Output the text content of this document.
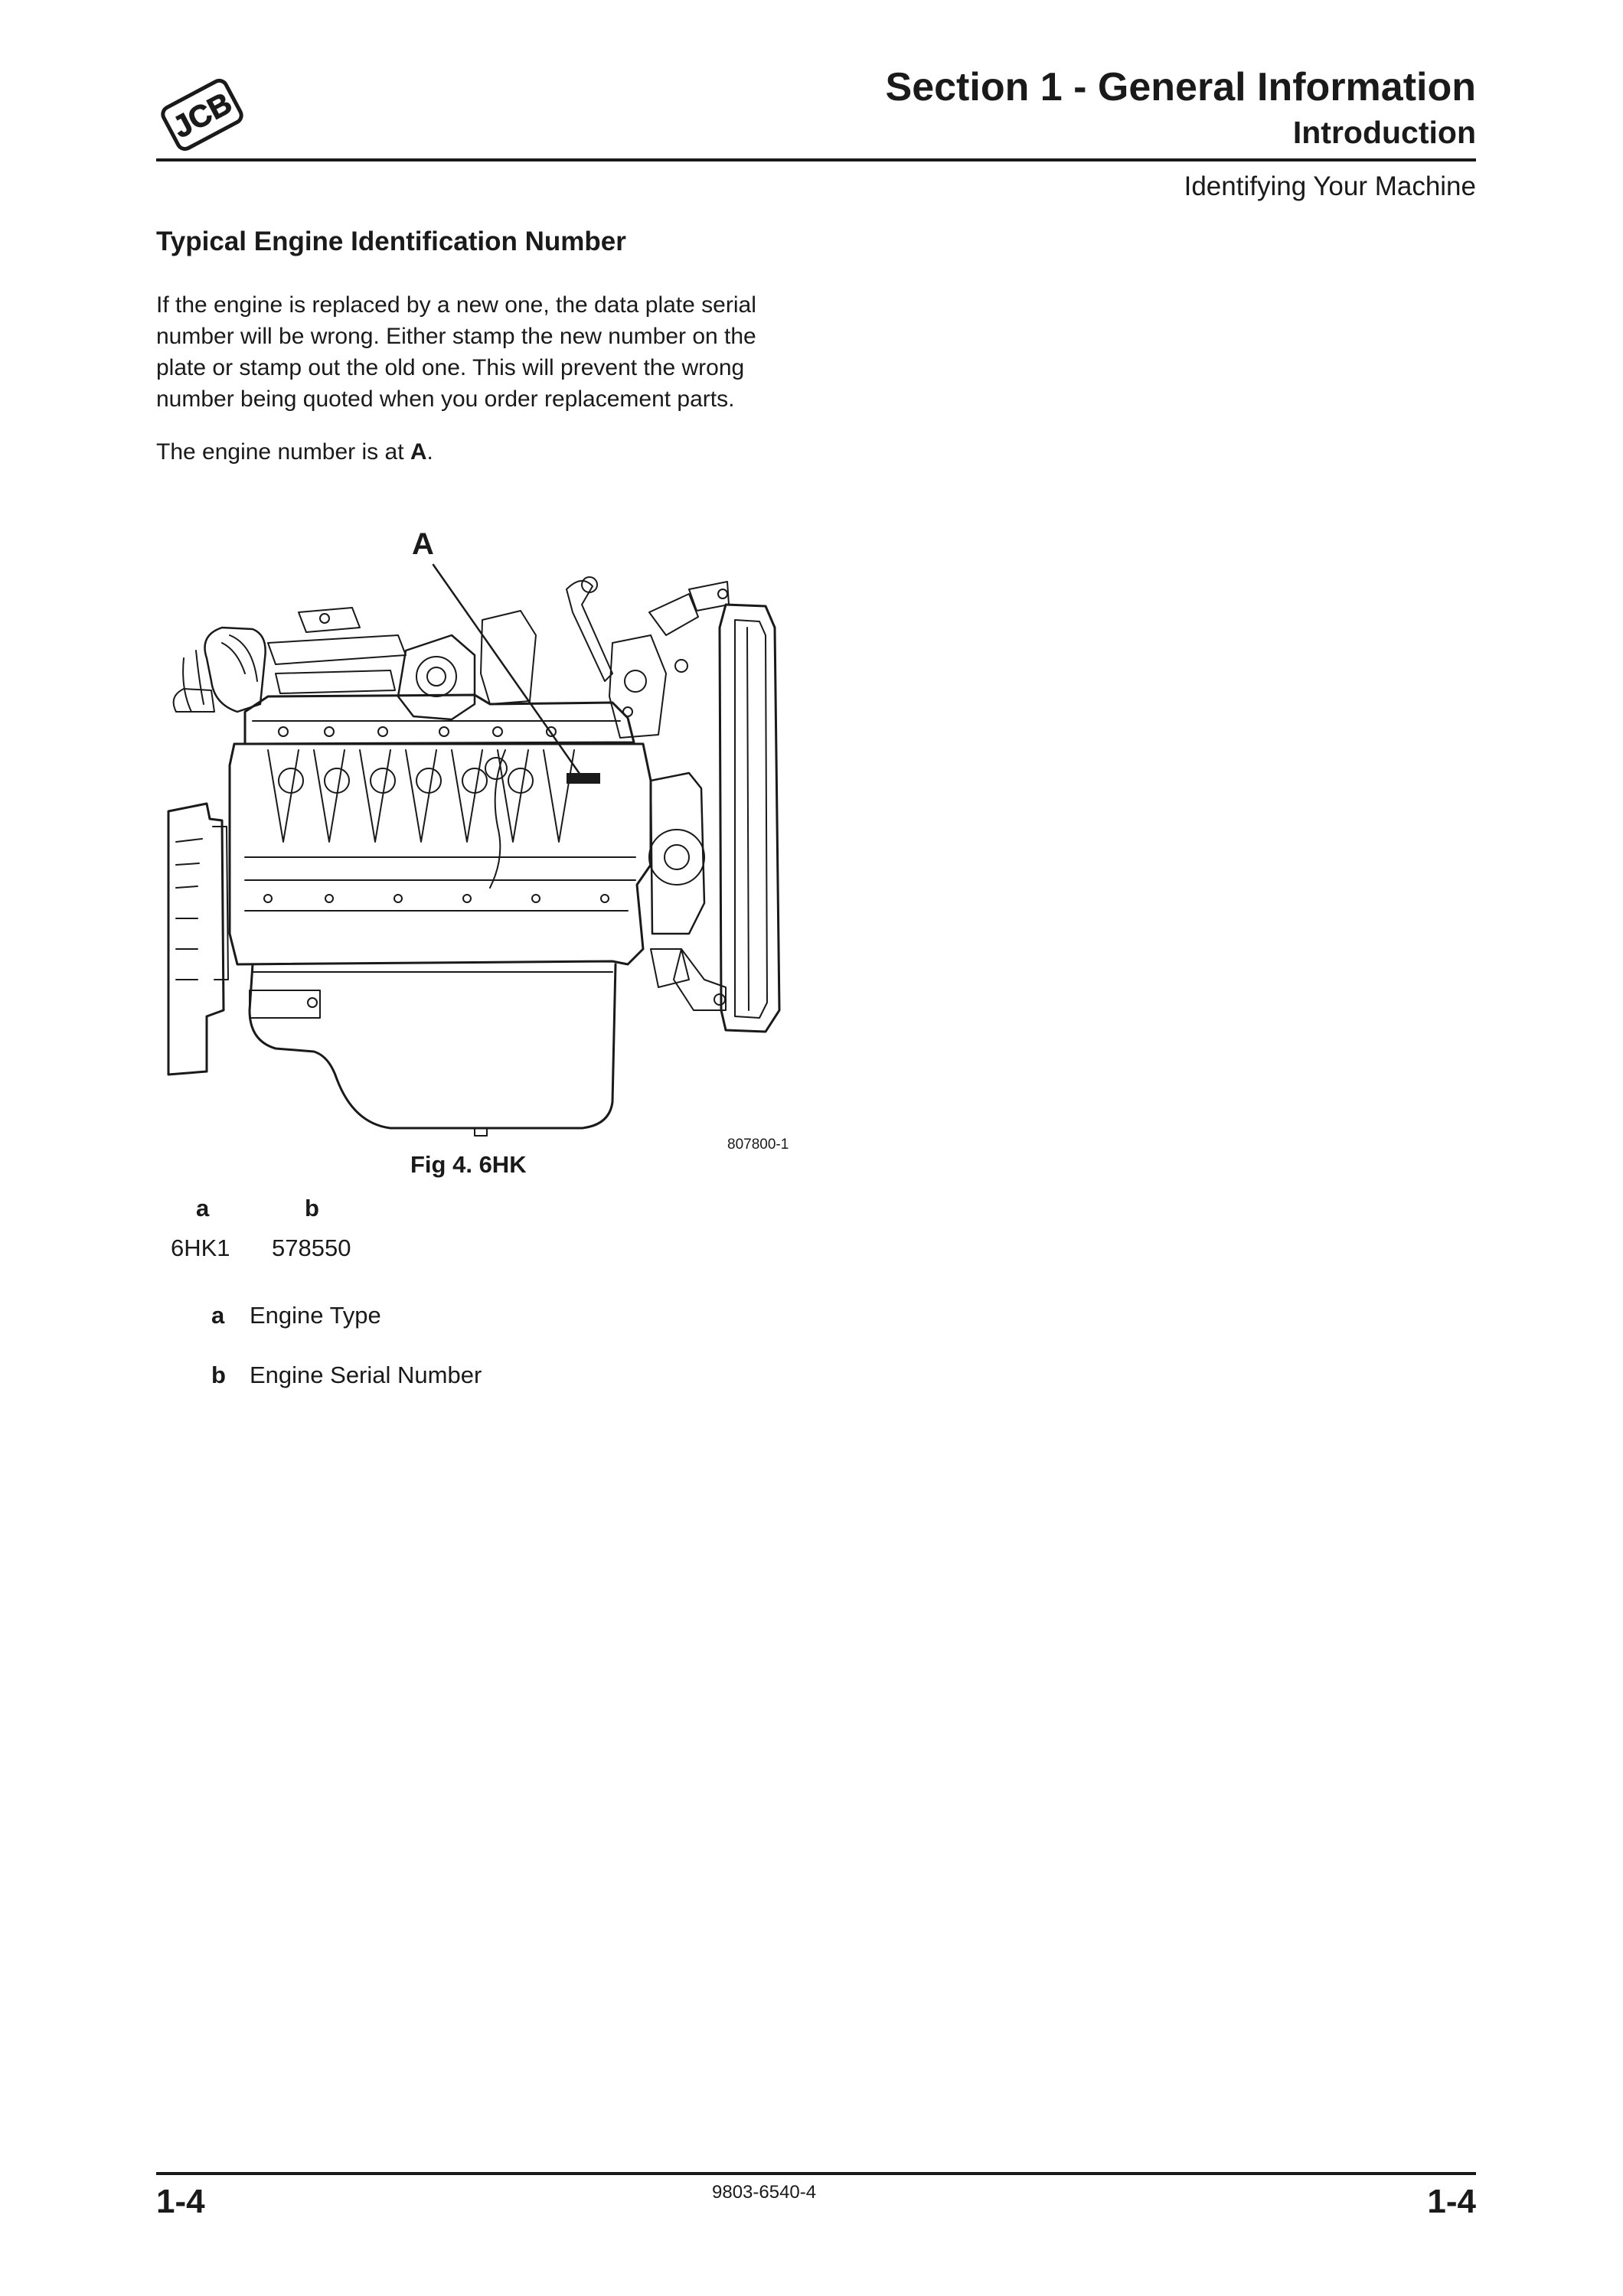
JCB	Section 1 - General Information
Introduction
Identifying Your Machine
Typical Engine Identification Number

If the engine is replaced by a new one, the data plate serial number will be wrong. Either stamp the new number on the plate or stamp out the old one. This will prevent the wrong number being quoted when you order replacement parts.

The engine number is at A.
A
807800-1
Fig 4. 6HK
a	b
6HK1 578550
a Engine Type
b Engine Serial Number
1-4	9803-6540-4	1-4
